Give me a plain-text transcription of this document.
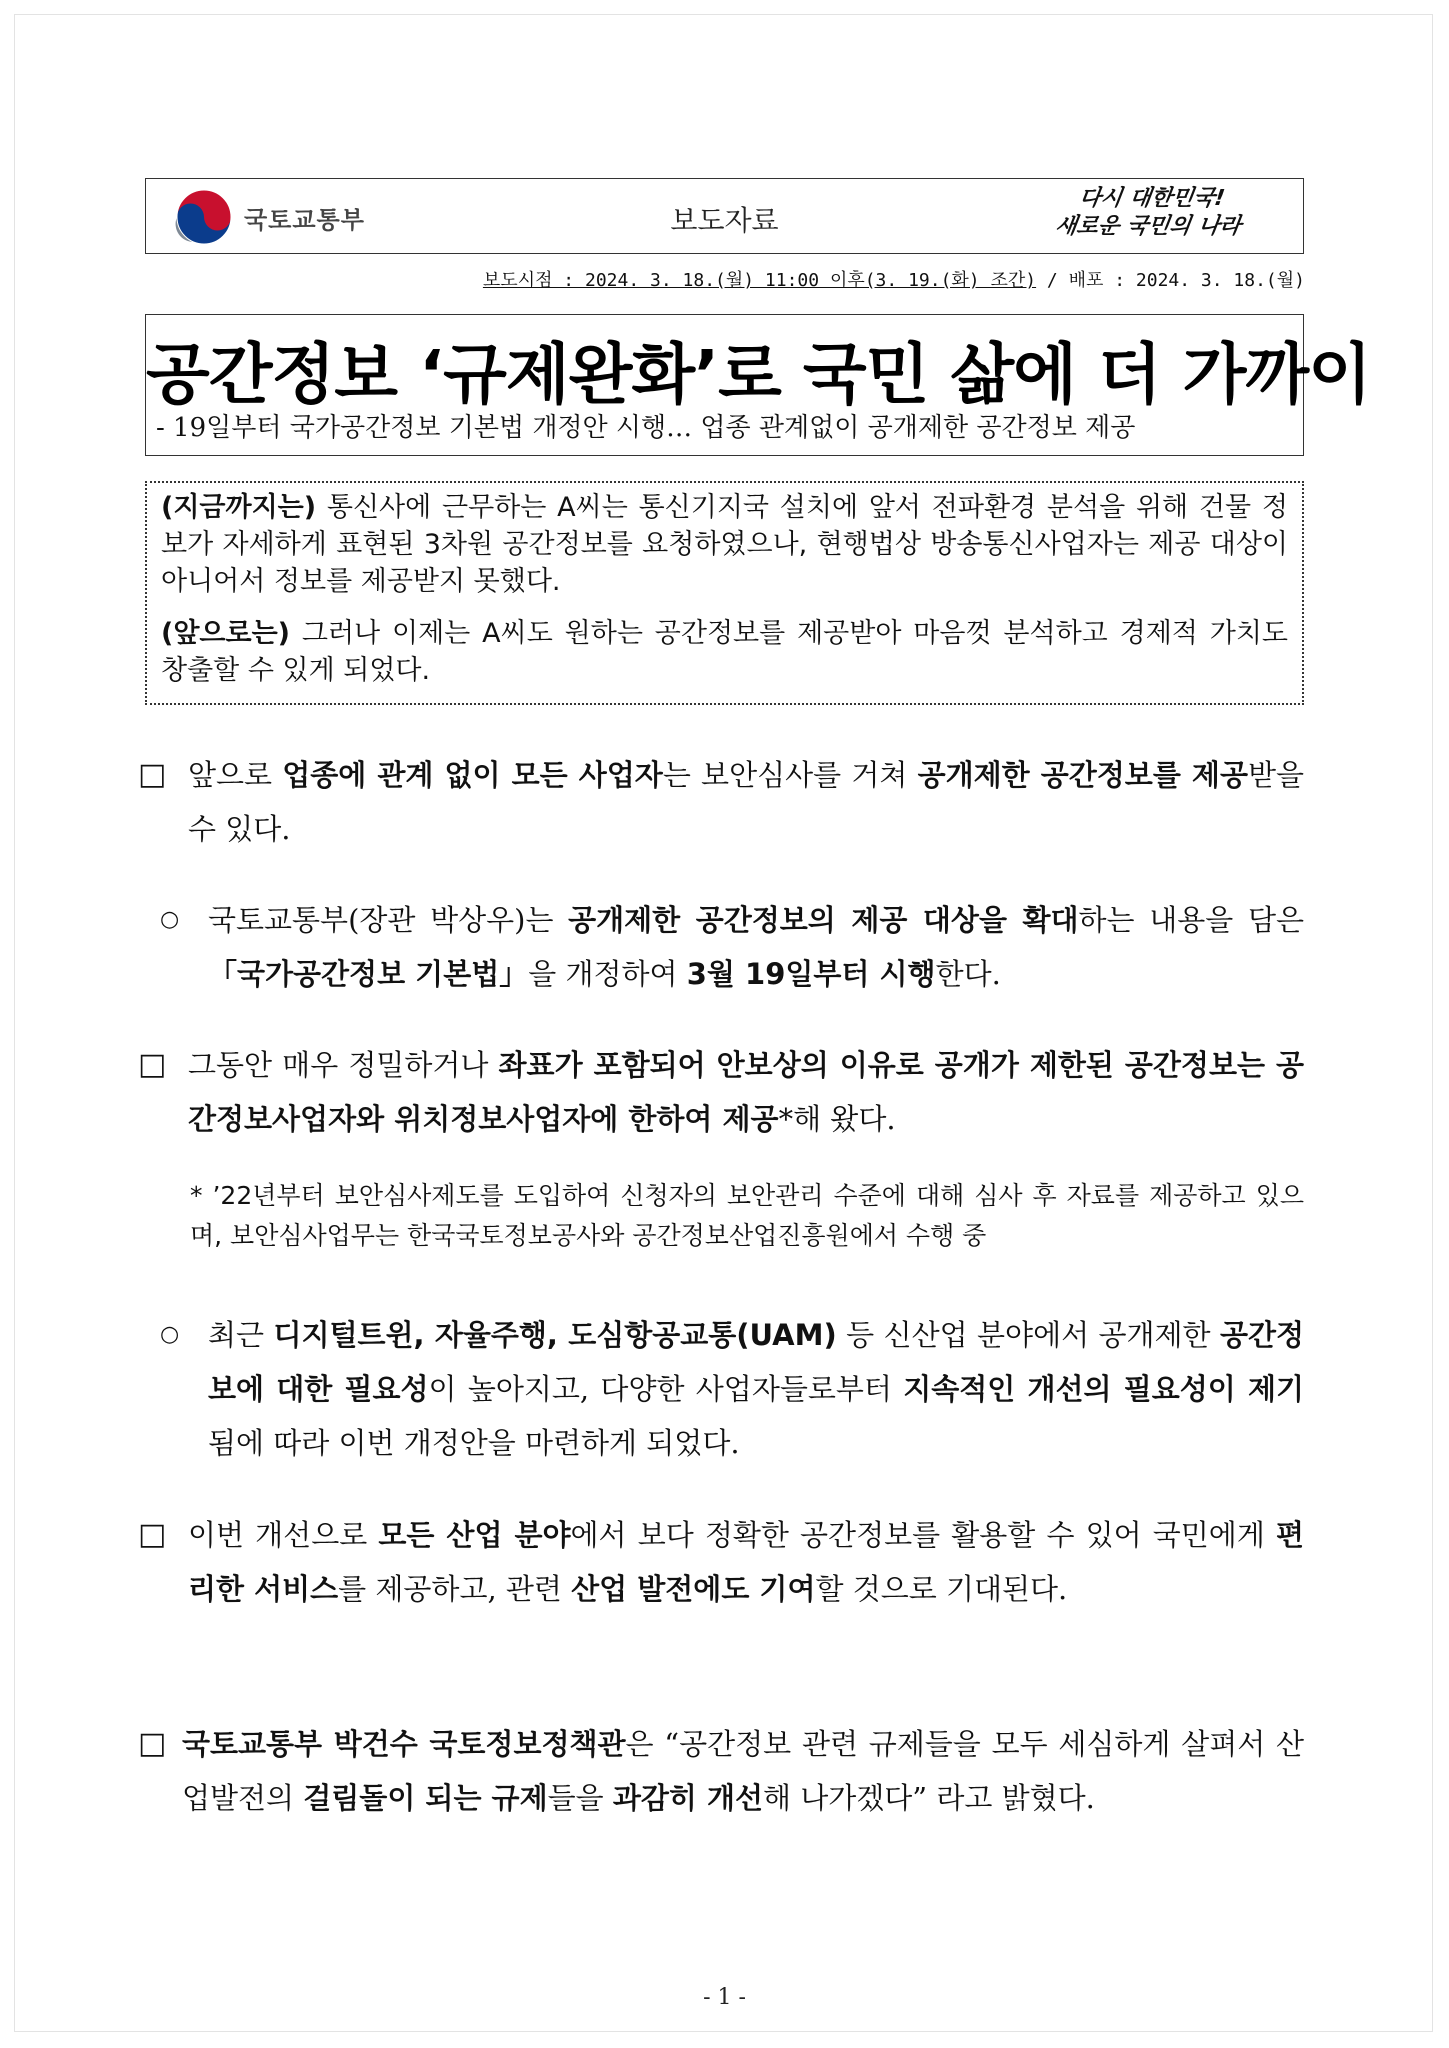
국토교통부	보도자료
다시 대한민국!
새로운 국민의 나라
보도시점 : 2024. 3. 18.(월) 11:00 이후(3. 19.(화) 조간) / 배포 : 2024. 3. 18.(월)
공간정보 ‘규제완화’로 국민 삶에 더 가까이
- 19일부터 국가공간정보 기본법 개정안 시행… 업종 관계없이 공개제한 공간정보 제공

(지금까지는) 통신사에 근무하는 A씨는 통신기지국 설치에 앞서 전파환경 분석을 위해 건물 정보가 자세하게 표현된 3차원 공간정보를 요청하였으나, 현행법상 방송통신사업자는 제공 대상이 아니어서 정보를 제공받지 못했다.

(앞으로는) 그러나 이제는 A씨도 원하는 공간정보를 제공받아 마음껏 분석하고 경제적 가치도 창출할 수 있게 되었다.

□ 앞으로 업종에 관계 없이 모든 사업자는 보안심사를 거쳐 공개제한 공간정보를 제공받을 수 있다.
○ 국토교통부(장관 박상우)는 공개제한 공간정보의 제공 대상을 확대하는 내용을 담은 「국가공간정보 기본법」을 개정하여 3월 19일부터 시행한다.
□ 그동안 매우 정밀하거나 좌표가 포함되어 안보상의 이유로 공개가 제한된 공간정보는 공간정보사업자와 위치정보사업자에 한하여 제공*해 왔다.
* ’22년부터 보안심사제도를 도입하여 신청자의 보안관리 수준에 대해 심사 후 자료를 제공하고 있으며, 보안심사업무는 한국국토정보공사와 공간정보산업진흥원에서 수행 중
○ 최근 디지털트윈, 자율주행, 도심항공교통(UAM) 등 신산업 분야에서 공개제한 공간정보에 대한 필요성이 높아지고, 다양한 사업자들로부터 지속적인 개선의 필요성이 제기됨에 따라 이번 개정안을 마련하게 되었다.
□ 이번 개선으로 모든 산업 분야에서 보다 정확한 공간정보를 활용할 수 있어 국민에게 편리한 서비스를 제공하고, 관련 산업 발전에도 기여할 것으로 기대된다.
□ 국토교통부 박건수 국토정보정책관은 “공간정보 관련 규제들을 모두 세심하게 살펴서 산업발전의 걸림돌이 되는 규제들을 과감히 개선해 나가겠다” 라고 밝혔다.
- 1 -
